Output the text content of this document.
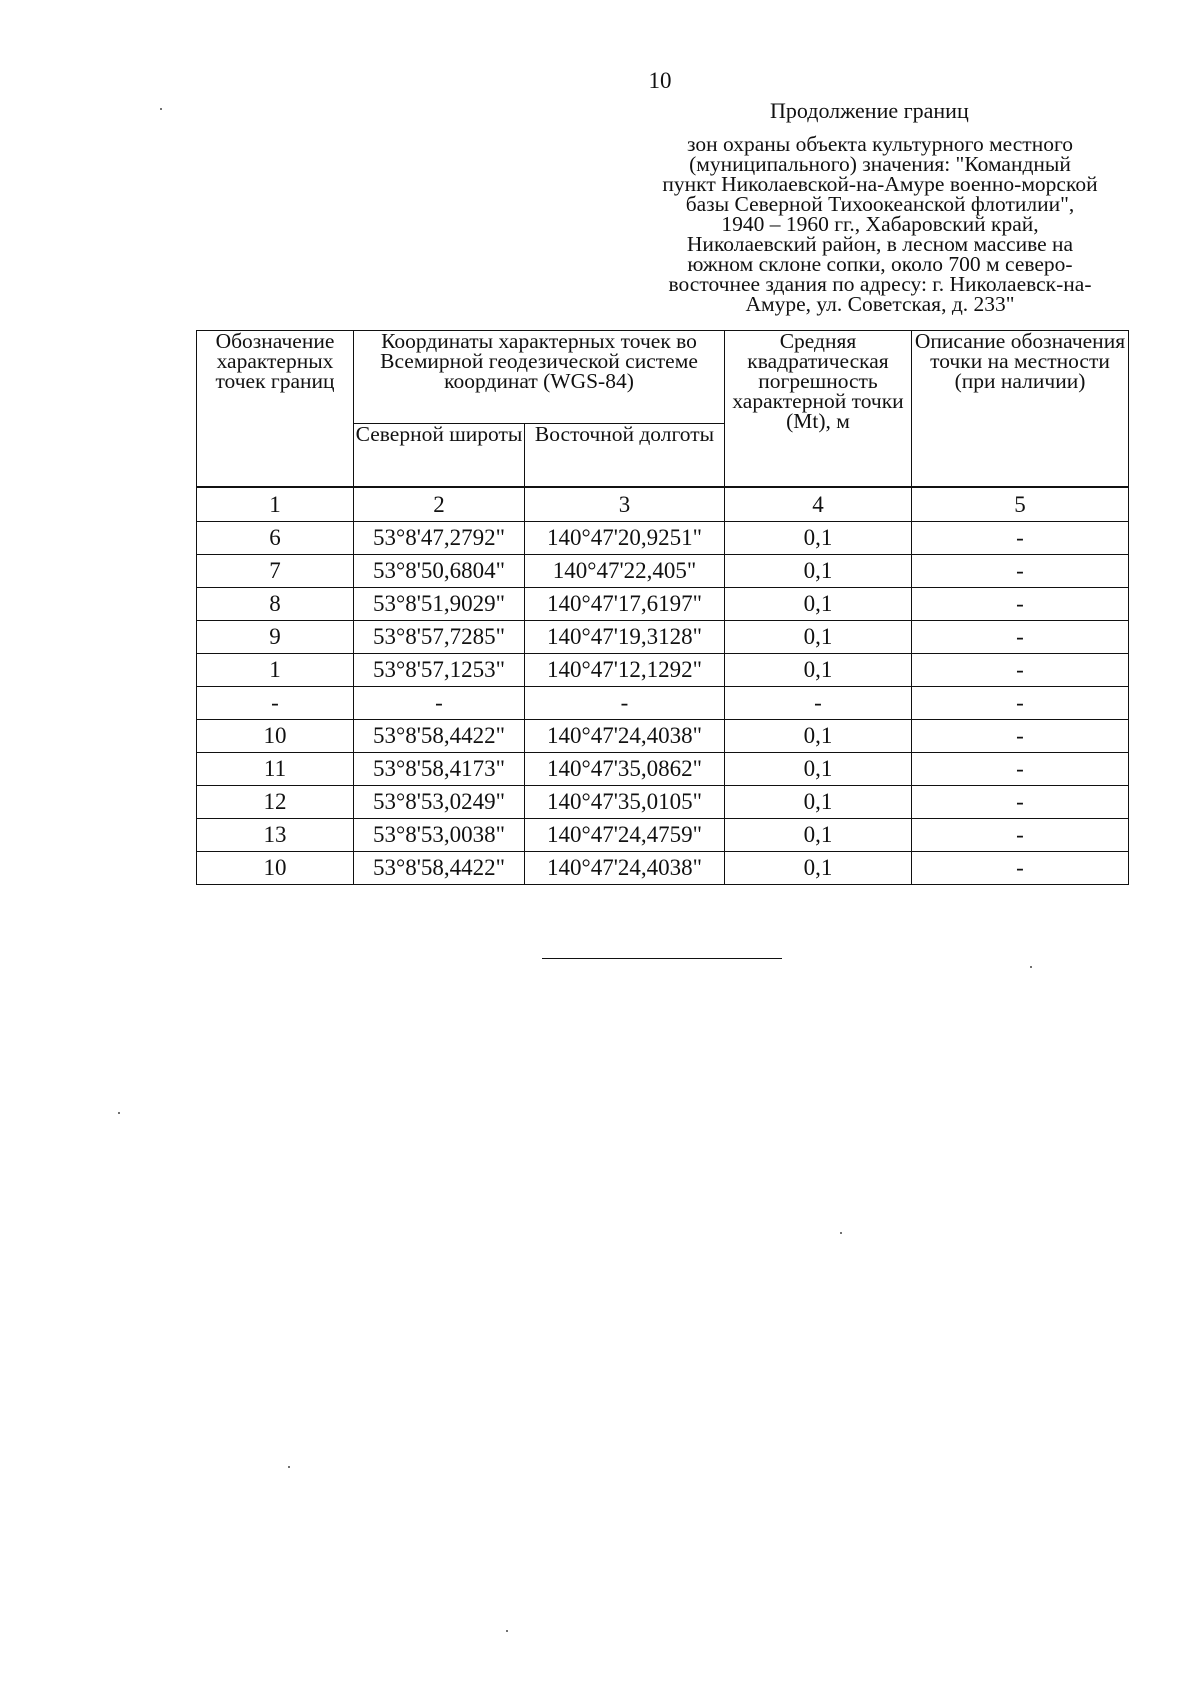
10
Продолжение границ
зон охраны объекта культурного местного
(муниципального) значения: "Командный
пункт Николаевской-на-Амуре военно-морской
базы Северной Тихоокеанской флотилии",
1940 – 1960 гг., Хабаровский край,
Николаевский район, в лесном массиве на
южном склоне сопки, около 700 м северо-
восточнее здания по адресу: г. Николаевск-на-
Амуре, ул. Советская, д. 233"
Обозначение характерных точек границ	Координаты характерных точек во Всемирной геодезической системе координат (WGS-84)		Средняя квадратическая погрешность характерной точки (Mt), м	Описание обозначения точки на местности (при наличии)
	Северной широты	Восточной долготы		
1	2	3	4	5
6	53°8'47,2792"	140°47'20,9251"	0,1	-
7	53°8'50,6804"	140°47'22,405"	0,1	-
8	53°8'51,9029"	140°47'17,6197"	0,1	-
9	53°8'57,7285"	140°47'19,3128"	0,1	-
1	53°8'57,1253"	140°47'12,1292"	0,1	-
-	-	-	-	-
10	53°8'58,4422"	140°47'24,4038"	0,1	-
11	53°8'58,4173"	140°47'35,0862"	0,1	-
12	53°8'53,0249"	140°47'35,0105"	0,1	-
13	53°8'53,0038"	140°47'24,4759"	0,1	-
10	53°8'58,4422"	140°47'24,4038"	0,1	-
